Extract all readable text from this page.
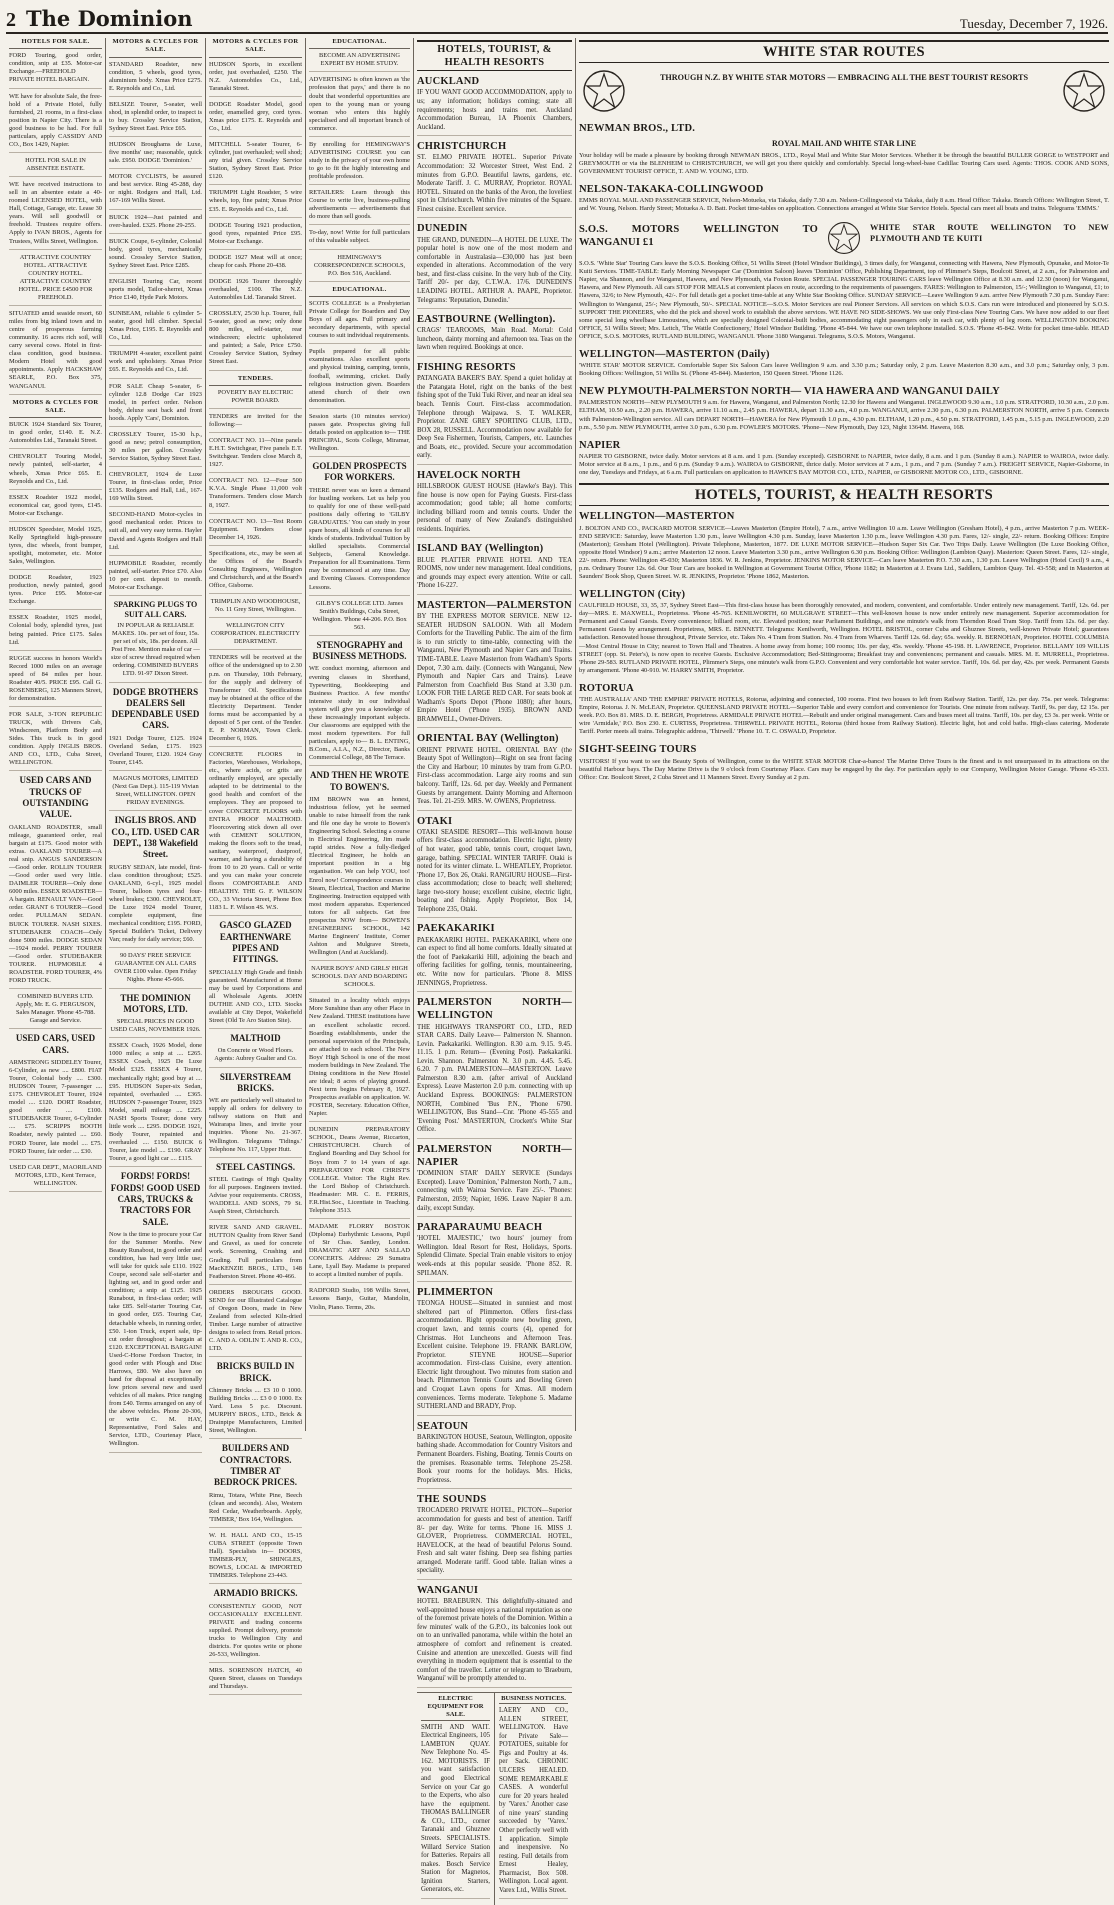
2 The Dominion	Tuesday, December 7, 1926.
HOTELS FOR SALE.
FORD Touring, good order, condition, snip at £35. Motor-car Exchange.—FREEHOLD PRIVATE HOTEL BARGAIN.
WE have for absolute Sale, the free-hold of a Private Hotel, fully furnished, 21 rooms, in a first-class position in Napier City. There is a good business to be had. For full particulars, apply CASSIDY AND CO., Box 1429, Napier.
HOTEL FOR SALE IN ABSENTEE ESTATE.
WE have received instructions to sell in an absentee estate a 40-roomed LICENSED HOTEL, with Hall, Cottage, Garage, etc. Lease 30 years. Will sell goodwill or freehold. Trustees require offers. Apply to IVAN BROS., Agents for Trustees, Willis Street, Wellington.
ATTRACTIVE COUNTRY HOTEL. ATTRACTIVE COUNTRY HOTEL. ATTRACTIVE COUNTRY HOTEL. PRICE £4500 FOR FREEHOLD.
SITUATED amid seaside resort, 60 miles from big inland town and in centre of prosperous farming community. 16 acres rich soil, will carry several cows. Hotel in first-class condition, good business. Modern Hotel with good appointments. Apply HACKSHAW SEARLE, P.O. Box 375, WANGANUI.
MOTORS & CYCLES FOR SALE.
BUICK 1924 Standard Six Tourer, in good order, £140. E. N.Z. Automobiles Ltd., Taranaki Street.
CHEVROLET Touring Model, newly painted, self-starter, 4 wheels, Xmas Price £65. E. Reynolds and Co., Ltd.
ESSEX Roadster 1922 model, economical car, good tyres, £145. Motor-car Exchange.
HUDSON Speedster, Model 1925, Kelly Springfield high-pressure tyres, disc wheels, front bumper, spotlight, motometer, etc. Motor Sales, Wellington.
DODGE Roadster, 1923 production, newly painted, good tyres. Price £95. Motor-car Exchange.
ESSEX Roadster, 1925 model, Colonial body, splendid tyres, just being painted. Price £175. Sales Ltd.
RUGGE success in honors World's Record 1000 miles on an average speed of 84 miles per hour. Roadster 40/5. PRICE £95. Call G. ROSENBERG, 125 Manners Street, for demonstration.
FOR SALE, 3-TON REPUBLIC TRUCK, with Drivers Cab, Windscreen, Platform Body and Sides. This truck is in good condition. Apply INGLIS BROS. AND CO., LTD., Cuba Street, WELLINGTON.
USED CARS AND TRUCKS OF OUTSTANDING VALUE.
OAKLAND ROADSTER, small mileage, guaranteed order, real bargain at £175. Good motor with extras. OAKLAND TOURER—A real snip. ANGUS SANDERSON—Good order. ROLLIN TOURER—Good order used very little. DAIMLER TOURER—Only done 6000 miles. ESSEX ROADSTER—A bargain. RENAULT VAN—Good order. GRANT 6 TOURER—Good order. PULLMAN SEDAN. BUICK TOURER. NASH SIXES. STUDEBAKER COACH—Only done 5000 miles. DODGE SEDAN—1924 model. PERRY TOURER—Good order. STUDEBAKER TOURER. HUPMOBILE 4 ROADSTER. FORD TOURER, 4% FORD TRUCK.
COMBINED BUYERS LTD. Apply, Mr. E. G. FERGUSON, Sales Manager. 'Phone 45-788. Garage and Service.
USED CARS, USED CARS.
ARMSTRONG SIDDELEY Tourer, 6-Cylinder, as new .... £800. FIAT Tourer, Colonial body .... £300. HUDSON Tourer, 7-passenger .... £175. CHEVROLET Tourer, 1924 model .... £120. DORT Roadster, good order .... £100. STUDEBAKER Tourer, 6-Cylinder .... £75. SCRIPPS BOOTH Roadster, newly painted .... £60. FORD Tourer, late model .... £75. FORD Tourer, fair order .... £30.
USED CAR DEPT., MAORILAND MOTORS, LTD., Kent Terrace, WELLINGTON.
MOTORS & CYCLES FOR SALE.
STANDARD Roadster, new condition, 5 wheels, good tyres, aluminium body. Xmas Price £275. E. Reynolds and Co., Ltd.
BELSIZE Tourer, 5-seater, well shod, in splendid order, to inspect is to buy. Crossley Service Station, Sydney Street East. Price £65.
HUDSON Broughams de Luxe, five months' use; reasonable, quick sale. £950. DODGE 'Dominion.'
MOTOR CYCLISTS, be assured and best service. Ring 45-288, day or night. Rodgers and Hall, Ltd. 167-169 Willis Street.
BUICK 1924—Just painted and over-hauled. £325. Phone 29-255.
BUICK Coupe, 6-cylinder, Colonial body, good tyres, mechanically sound. Crossley Service Station, Sydney Street East. Price £285.
ENGLISH Touring Car, recent sports model, Tailor-sherret, Xmas Price £140, Hyde Park Motors.
SUNBEAM, reliable 6 cylinder 5-seater, good hill climber. Special Xmas Price, £195. E. Reynolds and Co., Ltd.
TRIUMPH 4-seater, excellent paint work and upholstery. Xmas Price £65. E. Reynolds and Co., Ltd.
FOR SALE Cheap 5-seater, 6-cylinder 12.8 Dodge Car 1923 model, in perfect order. Nelson body, deluxe seat back and front hoods. Apply 'Cars', Dominion.
CROSSLEY Tourer, 15-30 h.p., good as new; petrol consumption, 30 miles per gallon. Crossley Service Station, Sydney Street East.
CHEVROLET, 1924 de Luxe Tourer, in first-class order, Price £135. Rodgers and Hall, Ltd., 167-169 Willis Street.
SECOND-HAND Motor-cycles in good mechanical order. Prices to suit all, and very easy terms. Hayler David and Agents Rodgers and Hall Ltd.
HUPMOBILE Roadster, recently painted, self-starter. Price £70. Also 10 per cent. deposit to month. Motor-car Exchange.
SPARKING PLUGS TO SUIT ALL CARS.
IN POPULAR & RELIABLE MAKES. 10s. per set of four, 15s. per set of six, 18s. per dozen. All Post Free. Mention make of car — size of screw thread required when ordering. COMBINED BUYERS LTD. 91-97 Dixon Street.
DODGE BROTHERS DEALERS Sell DEPENDABLE USED CARS.
1921 Dodge Tourer, £125. 1924 Overland Sedan, £175. 1923 Overland Tourer, £120. 1924 Gray Tourer, £145.
MAGNUS MOTORS, LIMITED (Next Gas Dept.). 115-119 Vivian Street, WELLINGTON. OPEN FRIDAY EVENINGS.
INGLIS BROS. AND CO., LTD. USED CAR DEPT., 138 Wakefield Street.
RUGBY SEDAN, late model, first-class condition throughout; £525. OAKLAND, 6-cyl., 1925 model Tourer, balloon tyres and four-wheel brakes; £300. CHEVROLET, De Luxe 1924 model Tourer, complete equipment, fine mechanical condition; £195. FORD, Special Builder's Ticket, Delivery Van; ready for daily service; £60.
90 DAYS' FREE SERVICE GUARANTEE ON ALL CARS OVER £100 value. Open Friday Nights. Phone 45-666.
THE DOMINION MOTORS, LTD.
SPECIAL PRICES IN GOOD USED CARS, NOVEMBER 1926.
ESSEX Coach, 1926 Model, done 1000 miles; a snip at .... £265. ESSEX Coach, 1925 De Luxe Model £325. ESSEX 4 Tourer, mechanically right; good buy at .... £95. HUDSON Super-six Sedan, repainted, overhauled .... £365. HUDSON 7-passenger Tourer, 1923 Model, small mileage .... £225. NASH Sports Tourer; done very little work .... £295. DODGE 1921, Body Tourer, repainted and overhauled .... £150. BUICK 6 Tourer, late model .... £190. GRAY Tourer, a good light car .... £115.
FORDS! FORDS! FORDS! GOOD USED CARS, TRUCKS & TRACTORS FOR SALE.
Now is the time to procure your Car for the Summer Months. New Beauty Runabout, in good order and condition, has had very little use; will take for quick sale £110. 1922 Coupe, second sale self-starter and lighting set, and in good order and condition; a snip at £125. 1925 Runabout, in first-class order; will take £85. Self-starter Touring Car, in good order, £65. Touring Car, detachable wheels, in running order, £50. 1-ton Truck, expert sale, tip-cut order throughout; a bargain at £120. EXCEPTIONAL BARGAIN! Used-C-Horse Fordson Tractor, in good order with Plough and Disc Harrows, £80. We also have on hand for disposal at exceptionally low prices several new and used vehicles of all makes. Price ranging from £40. Terms arranged on any of the above vehicles. Phone 20-306, or write C. M. HAY, Representative, Ford Sales and Service, LTD., Courtenay Place, Wellington.
MOTORS & CYCLES FOR SALE.
HUDSON Sports, in excellent order, just overhauled, £250. The N.Z. Automobiles Co., Ltd., Taranaki Street.
DODGE Roadster Model, good order, enamelled grey, cord tyres. Xmas price £175. E. Reynolds and Co., Ltd.
MITCHELL 5-seater Tourer, 6-cylinder, just overhauled; well shod; any trial given. Crossley Service Station, Sydney Street East. Price £120.
TRIUMPH Light Roadster, 5 wire wheels, top, fine paint; Xmas Price £35. E. Reynolds and Co., Ltd.
DODGE Touring 1921 production, good tyres, repainted Price £95. Motor-car Exchange.
DODGE 1927 Meat will at once; cheap for cash. Phone 20-438.
DODGE 1926 Tourer thoroughly overhauled, £100. The N.Z. Automobiles Ltd. Taranaki Street.
CROSSLEY, 25/30 h.p. Tourer, full 5-seater, good as new; only done 800 miles, self-starter, rear windscreen; electric upholstered and painted; a Sale, Price £750. Crossley Service Station, Sydney Street East.
TENDERS.
POVERTY BAY ELECTRIC POWER BOARD.
TENDERS are invited for the following:—
CONTRACT NO. 11—Nine panels E.H.T. Switchgear, Five panels E.T. Switchgear. Tenders close March 8, 1927.
CONTRACT NO. 12—Four 500 K.V.A. Single Phase 11,000 volt Transformers. Tenders close March 8, 1927.
CONTRACT NO. 13—Test Room Equipment. Tenders close December 14, 1926.
Specifications, etc., may be seen at the Offices of the Board's Consulting Engineers, Wellington and Christchurch, and at the Board's Office, Gisborne.
TRIMPLIN AND WOODHOUSE, No. 11 Grey Street, Wellington.
WELLINGTON CITY CORPORATION. ELECTRICITY DEPARTMENT.
TENDERS will be received at the office of the undersigned up to 2.30 p.m. on Thursday, 10th February, for the supply and delivery of Transformer Oil. Specifications may be obtained at the office of the Electricity Department. Tender forms must be accompanied by a deposit of 5 per cent. of the Tender. E. P. NORMAN, Town Clerk. December 6, 1926.
CONCRETE FLOORS in Factories, Warehouses, Workshops, etc., where acids, or grits are ordinarily employed, are specially adapted to be detrimental to the good health and comfort of the employees. They are proposed to cover CONCRETE FLOORS with ENTRA PROOF MALTHOID. Floorcovering stick down all over with CEMENT SOLUTION, making the floors soft to the tread, sanitary, waterproof, dustproof, warmer, and having a durability of from 10 to 20 years. Call or write and you can make your concrete floors COMFORTABLE AND HEALTHY. THE G. F. WILSON CO., 33 Victoria Street, Phone Box 1183 L. F. Wilson 4S. W.S.
GASCO GLAZED EARTHENWARE PIPES AND FITTINGS.
SPECIALLY High Grade and finish guaranteed. Manufactured at Home may be used by Corporations and all Wholesale Agents. JOHN DUTHIE AND CO., LTD. Stocks available at City Depot, Wakefield Street (Old Te Aro Station Site).
MALTHOID
On Concrete or Wood Floors. Agents: Aubrey Gualter and Co.
SILVERSTREAM BRICKS.
WE are particularly well situated to supply all orders for delivery to railway stations on Hutt and Wairarapa lines, and invite your inquiries. 'Phone No. 21-367. Wellington. Telegrams 'Tidings.' Telephone No. 117, Upper Hutt.
STEEL CASTINGS.
STEEL Castings of High Quality for all purposes. Engineers invited. Advise your requirements. CROSS, WADDELL AND SONS, 79 St. Asaph Street, Christchurch.
RIVER SAND AND GRAVEL. HUTTON Quality from River Sand and Gravel, as used for concrete work. Screening, Crushing and Grading. Full particulars from MacKENZIE BROS., LTD., 148 Featherston Street. Phone 40-466.
ORDERS BROUGHS GOOD. SEND for our Illustrated Catalogue of Oregon Doors, made in New Zealand from selected Kiln-dried Timber. Large number of attractive designs to select from. Retail prices. C. AND A. ODLIN T. AND R. CO., LTD.
BRICKS BUILD IN BRICK.
Chimney Bricks .... £3 10 0 1000. Building Bricks .... £3 0 0 1000. Ex Yard. Less 5 p.c. Discount. MURPHY BROS., LTD., Brick & Drainpipe Manufacturers, Limited Street, Wellington.
BUILDERS AND CONTRACTORS. TIMBER AT BEDROCK PRICES.
Rimu, Totara, White Pine, Beech (clean and seconds). Also, Western Red Cedar, Weatherboards. Apply, 'TIMBER,' Box 164, Wellington.
W. H. HALL AND CO., 15-15 CUBA STREET (opposite Town Hall). Specialists in— DOORS, TIMBER-PLY, SHINGLES, BOWLS, LOCAL & IMPORTED TIMBERS. Telephone 23-443.
ARMADIO BRICKS.
CONSISTENTLY GOOD, NOT OCCASIONALLY EXCELLENT. PRIVATE and trading concerns supplied. Prompt delivery, promote trucks to Wellington City and districts. For quotes write or phone 26-533, Wellington.
MRS. SORENSON HATCH, 40 Queen Street, classes on Tuesdays and Thursdays.
EDUCATIONAL.
BECOME AN ADVERTISING EXPERT BY HOME STUDY.
ADVERTISING is often known as 'the profession that pays,' and there is no doubt that wonderful opportunities are open to the young man or young woman who enters this highly specialised and all important branch of commerce.
By enrolling for HEMINGWAY'S ADVERTISING COURSE you can study in the privacy of your own home to go to fit the highly interesting and profitable profession.
RETAILERS: Learn through this Course to write live, business-pulling advertisements — advertisements that do more than sell goods.
To-day, now! Write for full particulars of this valuable subject.
HEMINGWAY'S CORRESPONDENCE SCHOOLS, P.O. Box 516, Auckland.
EDUCATIONAL.
SCOTS COLLEGE is a Presbyterian Private College for Boarders and Day Boys of all ages. Full primary and secondary departments, with special courses to suit individual requirements.
Pupils prepared for all public examinations. Also excellent sports and physical training, camping, tennis, football, swimming, cricket. Daily religious instruction given. Boarders attend church of their own denomination.
Session starts (10 minutes service) passes gate. Prospectus giving full details posted on application to— THE PRINCIPAL, Scots College, Miramar, Wellington.
GOLDEN PROSPECTS FOR WORKERS.
THERE never was so keen a demand for hustling workers. Let us help you to qualify for one of these well-paid positions daily offering to 'GILBY GRADUATES.' You can study in your spare hours, all kinds of courses for all kinds of students. Individual Tuition by skilled specialists. Commercial Subjects, General Knowledge. Preparation for all Examinations. Term may be commenced at any time. Day and Evening Classes. Correspondence Lessons.
GILBY'S COLLEGE LTD. James Smith's Buildings, Cuba Street, Wellington. 'Phone 44-206. P.O. Box 563.
STENOGRAPHY and BUSINESS METHODS.
WE conduct morning, afternoon and evening classes in Shorthand, Typewriting, Bookkeeping and Business Practice. A few months' intensive study in our individual system will give you a knowledge of these increasingly important subjects. Our classrooms are equipped with the most modern typewriters. For full particulars, apply to— B. L. ENTING, B.Com., A.I.A., N.Z., Director, Banks Commercial College, 88 The Terrace.
AND THEN HE WROTE TO BOWEN'S.
JIM BROWN was an honest, industrious fellow, yet he seemed unable to raise himself from the rank and file one day he wrote to Bowen's Engineering School. Selecting a course in Electrical Engineering, Jim made rapid strides. Now a fully-fledged Electrical Engineer, he holds an important position in a big organisation. We can help YOU, too! Enrol now! Correspondence courses in Steam, Electrical, Traction and Marine Engineering. Instruction equipped with most modern apparatus. Experienced tutors for all subjects. Get free prospectus NOW from— BOWEN'S ENGINEERING SCHOOL, 142 Marine Engineers' Institute, Corner Ashton and Mulgrave Streets, Wellington (And at Auckland).
NAPIER BOYS' AND GIRLS' HIGH SCHOOLS. DAY AND BOARDING SCHOOLS.
Situated in a locality which enjoys More Sunshine than any other Place in New Zealand. THESE institutions have an excellent scholastic record. Boarding establishments, under the personal supervision of the Principals, are attached to each school. The New Boys' High School is one of the most modern buildings in New Zealand. The Dining conditions in the New Hostel are ideal; 8 acres of playing ground. Next term begins February 8, 1927. Prospectus available on application. W. FOSTER, Secretary. Education Office, Napier.
DUNEDIN PREPARATORY SCHOOL, Deans Avenue, Riccarton, CHRISTCHURCH. Church of England Boarding and Day School for Boys from 7 to 14 years of age. PREPARATORY FOR CHRIST'S COLLEGE. Visitor: The Right Rev. the Lord Bishop of Christchurch. Headmaster: MR. C. E. FERRIS, F.R.Hist.Soc., Licentiate in Teaching. Telephone 3513.
MADAME FLORRY BOSTOK (Diploma) Eurhythmic Lessons, Pupil of Sir Chas. Santley, London. DRAMATIC ART AND SALLAD CONCERTS. Address: 29 Sumatra Lane, Lyall Bay. Madame is prepared to accept a limited number of pupils.
RADFORD Studio, 198 Willis Street, Lessons Banjo, Guitar, Mandolin, Violin, Piano. Terms, 20s.
HOTELS, TOURIST, & HEALTH RESORTS
AUCKLAND
IF YOU WANT GOOD ACCOMMODATION, apply to us; any information; holidays coming; state all requirements; hosts and trains met. Auckland Accommodation Bureau, 1A Phoenix Chambers, Auckland.
CHRISTCHURCH
ST. ELMO PRIVATE HOTEL. Superior Private Accommodation: 32 Worcester Street, West End. 2 minutes from G.P.O. Beautiful lawns, gardens, etc. Moderate Tariff. J. C. MURRAY, Proprietor. ROYAL HOTEL. Situated on the banks of the Avon, the loveliest spot in Christchurch. Within five minutes of the Square. Finest cuisine. Excellent service.
DUNEDIN
THE GRAND, DUNEDIN—A HOTEL DE LUXE. The popular hotel is now one of the most modern and comfortable in Australasia—£30,000 has just been expended in alterations. Accommodation of the very best, and first-class cuisine. In the very hub of the City. Tariff 20/- per day, C.T.W.A. 17/6. DUNEDIN'S LEADING HOTEL. ARTHUR A. PAAPE, Proprietor. Telegrams: 'Reputation, Dunedin.'
EASTBOURNE (Wellington).
CRAGS' TEAROOMS, Main Road. Mortal: Cold luncheon, dainty morning and afternoon tea. Teas on the lawn when required. Bookings at once.
FISHING RESORTS
PATANGATA BAKER'S BAY. Spend a quiet holiday at the Patangata Hotel, right on the banks of the best fishing spot of the Tuki Tuki River, and near an ideal sea beach. Tennis Court. First-class accommodation. Telephone through Waipawa. S. T. WALKER, Proprietor. ZANE GREY SPORTING CLUB, LTD., BOX 28, RUSSELL. Accommodation now available for Deep Sea Fishermen, Tourists, Campers, etc. Launches and Boats, etc., provided. Secure your accommodation early.
HAVELOCK NORTH
HILLSBROOK GUEST HOUSE (Hawke's Bay). This fine house is now open for Paying Guests. First-class accommodation; good table; all home comforts; including billiard room and tennis courts. Under the personal of many of New Zealand's distinguished residents. Inquiries.
ISLAND BAY (Wellington)
BLUE PLATTER PRIVATE HOTEL AND TEA ROOMS, now under new management. Ideal conditions, and grounds may expect every attention. Write or call. 'Phone 16-227.
MASTERTON—PALMERSTON
BY THE EXPRESS MOTOR SERVICE. NEW 12-SEATER HUDSON SALOON. With all Modern Comforts for the Travelling Public. The aim of the firm is to run strictly to time-table, connecting with the Wanganui, New Plymouth and Napier Cars and Trains. TIME-TABLE. Leave Masterton from Wadham's Sports Depot, 7.30 a.m. daily. (Connects with Wanganui, New Plymouth and Napier Cars and Trains). Leave Palmerston from Coachfield Bus Stand at 3.30 p.m. LOOK FOR THE LARGE RED CAR. For seats book at Wadham's Sports Depot ('Phone 1080); after hours, Empire Hotel ('Phone 1935). BROWN AND BRAMWELL, Owner-Drivers.
ORIENTAL BAY (Wellington)
ORIENT PRIVATE HOTEL. ORIENTAL BAY (the Beauty Spot of Wellington)—Right on sea front facing the City and Harbour; 10 minutes by tram from G.P.O. First-class accommodation. Large airy rooms and sun balcony. Tariff, 12s. 6d. per day. Weekly and Permanent Guests by arrangement. Dainty Morning and Afternoon Teas. Tel. 21-259. MRS. W. OWENS, Proprietress.
OTAKI
OTAKI SEASIDE RESORT—This well-known house offers first-class accommodation. Electric light, plenty of hot water, good table, tennis court, croquet lawn, garage, bathing. SPECIAL WINTER TARIFF. Otaki is noted for its winter climate. L. WHEATLEY, Proprietor. 'Phone 17, Box 26, Otaki. RANGIURU HOUSE—First-class accommodation; close to beach; well sheltered; large two-story house; excellent cuisine, electric light, boating and fishing. Apply Proprietor, Box 14, Telephone 235, Otaki.
PAEKAKARIKI
PAEKAKARIKI HOTEL. PAEKAKARIKI, where one can expect to find all home comforts. Ideally situated at the foot of Paekakariki Hill, adjoining the beach and offering facilities for golfing, tennis, mountaineering, etc. Write now for particulars. 'Phone 8. MISS JENNINGS, Proprietress.
PALMERSTON NORTH—WELLINGTON
THE HIGHWAYS TRANSPORT CO., LTD., RED STAR CARS. Daily Leave— Palmerston N. Shannon. Levin. Paekakariki. Wellington. 8.30 a.m. 9.15. 9.45. 11.15. 1 p.m. Return— (Evening Post). Paekakariki. Levin. Shannon. Palmerston N. 3.0 p.m. 4.45. 5.45. 6.20. 7 p.m. PALMERSTON—MASTERTON. Leave Palmerston 8.30 a.m. (after arrival of Auckland Express). Leave Masterton 2.0 p.m. connecting with up Auckland Express. BOOKINGS: PALMERSTON NORTH, Combined 'Bus P.N., 'Phone 6790. WELLINGTON, Bus Stand—Cnr. 'Phone 45-555 and 'Evening Post.' MASTERTON, Crockett's White Star Office.
PALMERSTON NORTH—NAPIER
'DOMINION STAR' DAILY SERVICE (Sundays Excepted). Leave 'Dominion,' Palmerston North, 7 a.m., connecting with Wairoa Service. Fare 25/-. 'Phones: Palmerston, 2059; Napier, 1696. Leave Napier 8 a.m. daily, except Sunday.
PARAPARAUMU BEACH
'HOTEL MAJESTIC,' two hours' journey from Wellington. Ideal Resort for Rest, Holidays, Sports. Splendid Climate. Special Train enable visitors to enjoy week-ends at this popular seaside. 'Phone 852. R. SPILMAN.
PLIMMERTON
TEONGA HOUSE—Situated in sunniest and most sheltered part of Plimmerton. Offers first-class accommodation. Right opposite new bowling green, croquet lawn, and tennis courts (4), opened for Christmas. Hot Luncheons and Afternoon Teas. Excellent cuisine. Telephone 19. FRANK BARLOW, Proprietor. STEYNE HOUSE—Superior accommodation. First-class Cuisine, every attention. Electric light throughout. Two minutes from station and beach. Plimmerton Tennis Courts and Bowling Green and Croquet Lawn opens for Xmas. All modern conveniences. Terms moderate. Telephone 5. Madame SUTHERLAND and BRADY, Prop.
SEATOUN
BARKINGTON HOUSE, Seatoun, Wellington, opposite bathing shade. Accommodation for Country Visitors and Permanent Boarders. Fishing, Boating. Tennis Courts on the premises. Reasonable terms. Telephone 25-258. Book your rooms for the holidays. Mrs. Hicks, Proprietress.
THE SOUNDS
TROCADERO PRIVATE HOTEL, PICTON—Superior accommodation for guests and best of attention. Tariff 8/- per day. Write for terms. 'Phone 16. MISS J. GLOVER, Proprietress. COMMERCIAL HOTEL, HAVELOCK, at the head of beautiful Pelorus Sound. Fresh and salt water fishing. Deep sea fishing parties arranged. Moderate tariff. Good table. Italian wines a speciality.
WANGANUI
HOTEL BRAEBURN. This delightfully-situated and well-appointed house enjoys a national reputation as one of the foremost private hotels of the Dominion. Within a few minutes' walk of the G.P.O., its balconies look out on to an unrivalled panorama, while within the hotel an atmosphere of comfort and refinement is created. Cuisine and attention are unexcelled. Guests will find everything in modern equipment that is essential to the comfort of the traveller. Letter or telegram to 'Braeburn, Wanganui' will be promptly attended to.
ELECTRIC EQUIPMENT FOR SALE.
SMITH AND WAIT. Electrical Engineers, 105 LAMBTON QUAY. New Telephone No. 45-162. MOTORISTS. IF you want satisfaction and good Electrical Service on your Car go to the Experts, who also have the equipment. THOMAS BALLINGER & CO., LTD., corner Taranaki and Ghuznee Streets. SPECIALISTS. Willard Service Station for Batteries. Repairs all makes. Bosch Service Station for Magnetos, Ignition Starters, Generators, etc.
BUSINESS NOTICES.
LAERY AND CO., ALLEN STREET, WELLINGTON. Have for Private Sale— POTATOES, suitable for Pigs and Poultry at 4s. per Sack. CHRONIC ULCERS HEALED. SOME REMARKABLE CASES. A wonderful cure for 20 years healed by 'Varex.' Another case of nine years' standing succeeded by 'Varex.' Other perfectly well with 1 application. Simple and inexpensive. No resting. Full details from Ernest Healey, Pharmacist, Box 508. Wellington. Local agent. Varex Ltd., Willis Street.
WHITE STAR ROUTES
THROUGH N.Z. BY WHITE STAR MOTORS — EMBRACING ALL THE BEST TOURIST RESORTS
NEWMAN BROS., LTD.
ROYAL MAIL AND WHITE STAR LINE
Your holiday will be made a pleasure by booking through NEWMAN BROS., LTD., Royal Mail and White Star Motor Services. Whether it be through the beautiful BULLER GORGE to WESTPORT and GREYMOUTH or via the BLENHEIM to CHRISTCHURCH, we will get you there quickly and comfortably. Special long-wheel-base Cadillac Touring Cars used. Agents: THOS. COOK AND SONS, GOVERNMENT TOURIST OFFICE, T. AND W. YOUNG, LTD.
NELSON-TAKAKA-COLLINGWOOD
EMMS ROYAL MAIL AND PASSENGER SERVICE, Nelson-Motueka, via Takaka, daily 7.30 a.m. Nelson-Collingwood via Takaka, daily 8 a.m. Head Office: Takaka. Branch Offices: Wellington Street, T. and W. Young, Nelson. Hardy Street; Motueka A. D. Batt. Pocket time-tables on application. Connections arranged at White Star Service Hotels. Special cars meet all boats and trains. Telegrams 'EMMS.'
S.O.S. MOTORS WELLINGTON TO WANGANUI £1
WHITE STAR ROUTE WELLINGTON TO NEW PLYMOUTH AND TE KUITI
S.O.S. 'White Star' Touring Cars leave the S.O.S. Booking Office, 51 Willis Street (Hotel Windsor Buildings), 3 times daily, for Wanganui, connecting with Hawera, New Plymouth, Opunake, and Motor-Te Kuiti Services. TIME-TABLE: Early Morning Newspaper Car ('Dominion Saloon) leaves 'Dominion' Office, Publishing Department, top of Plimmer's Steps, Boulcott Street, at 2 a.m., for Palmerston and Napier, via Shannon, and for Wanganui, Hawera, and New Plymouth, via Foxton Route. SPECIAL PASSENGER TOURING CARS leave Wellington Office at 8.30 a.m. and 12.30 (noon) for Wanganui, Hawera, and New Plymouth. All cars STOP FOR MEALS at convenient places en route, according to the requirements of passengers. FARES: Wellington to Palmerston, 15/-; Wellington to Wanganui, £1; to Hawera, 32/6; to New Plymouth, 42/-. For full details get a pocket time-table at any White Star Booking Office. SUNDAY SERVICE—Leave Wellington 9 a.m. arrive New Plymouth 7.30 p.m. Sunday Fare: Wellington to Wanganui, 25/-; New Plymouth, 50/-. SPECIAL NOTICE—S.O.S. Motor Services are real Pioneer Services. All services on which S.O.S. Cars run were introduced and pioneered by S.O.S. SUPPORT THE PIONEERS, who did the pick and shovel work to establish the above services. WE HAVE NO SIDE-SHOWS. We use only First-class New Touring Cars. We have now added to our fleet some special long wheelbase Limousines, which are specially designed Colonial-built bodies, accommodating eight passengers only in each car, with plenty of leg room. WELLINGTON BOOKING OFFICE, 51 Willis Street; Mrs. Leitch, 'The Wattle Confectionery,' Hotel Windsor Building. 'Phone 45-844. We have our own telephone installed. S.O.S. 'Phone 45-842. Write for pocket time-table. HEAD OFFICE, S.O.S. MOTORS, RUTLAND BUILDING, WANGANUI. 'Phone 3180 Wanganui. Telegrams, S.O.S. Motors, Wanganui.
WELLINGTON—MASTERTON (Daily)
'WHITE STAR' MOTOR SERVICE. Comfortable Super Six Saloon Cars leave Wellington 9 a.m. and 3.30 p.m.; Saturday only, 2 p.m. Leave Masterton 8.30 a.m., and 3.0 p.m.; Saturday only, 3 p.m. Booking Offices: Wellington, 51 Willis St. ('Phone 45-844). Masterton, 150 Queen Street. 'Phone 1126.
NEW PLYMOUTH-PALMERSTON NORTH— VIA HAWERA AND WANGANUI DAILY
PALMERSTON NORTH—NEW PLYMOUTH 9 a.m. for Hawera, Wanganui, and Palmerston North; 12.30 for Hawera and Wanganui. INGLEWOOD 9.30 a.m., 1.0 p.m. STRATFORD, 10.30 a.m., 2.0 p.m. ELTHAM, 10.50 a.m., 2.20 p.m. HAWERA, arrive 11.10 a.m., 2.45 p.m. HAWERA, depart 11.30 a.m., 4.0 p.m. WANGANUI, arrive 2.30 p.m., 6.30 p.m. PALMERSTON NORTH, arrive 5 p.m. Connects with Palmerston-Wellington service. All cars DEPART NORTH—HAWERA for New Plymouth 1.0 p.m., 4.30 p.m. ELTHAM, 1.20 p.m., 4.50 p.m. STRATFORD, 1.45 p.m., 5.15 p.m. INGLEWOOD, 2.20 p.m., 5.50 p.m. NEW PLYMOUTH, arrive 3.0 p.m., 6.30 p.m. FOWLER'S MOTORS. 'Phone—New Plymouth, Day 123, Night 1364M. Hawera, 168.
NAPIER
NAPIER TO GISBORNE, twice daily. Motor services at 8 a.m. and 1 p.m. (Sunday excepted). GISBORNE to NAPIER, twice daily, 8 a.m. and 1 p.m. (Sunday 8 a.m.). NAPIER to WAIROA, twice daily. Motor service at 8 a.m., 1 p.m., and 6 p.m. (Sunday 9 a.m.). WAIROA to GISBORNE, thrice daily. Motor services at 7 a.m., 1 p.m., and 7 p.m. (Sunday 7 a.m.). FREIGHT SERVICE, Napier-Gisborne, in one day, Tuesdays and Fridays, at 6 a.m. Full particulars on application to HAWKE'S BAY MOTOR CO., LTD., NAPIER, or GISBORNE MOTOR CO., LTD., GISBORNE.
HOTELS, TOURIST, & HEALTH RESORTS
WELLINGTON—MASTERTON
J. BOLTON AND CO., PACKARD MOTOR SERVICE—Leaves Masterton (Empire Hotel), 7 a.m., arrive Wellington 10 a.m. Leave Wellington (Gresham Hotel), 4 p.m., arrive Masterton 7 p.m. WEEK-END SERVICE: Saturday, leave Masterton 1.30 p.m., leave Wellington 4.30 p.m. Sunday, leave Masterton 1.30 p.m., leave Wellington 4.30 p.m. Fares, 12/- single, 22/- return. Booking Offices: Empire (Masterton); Gresham Hotel (Wellington). Private Telephone, Masterton, 1877. DE LUXE MOTOR SERVICE—Hudson Super Six Car. Two Trips Daily. Leave Wellington (De Luxe Booking Office, opposite Hotel Windsor) 9 a.m.; arrive Masterton 12 noon. Leave Masterton 3.30 p.m., arrive Wellington 6.30 p.m. Booking Office: Wellington (Lambton Quay). Masterton: Queen Street. Fares, 12/- single, 22/- return. Phone: Wellington 45-030; Masterton 1836. W. R. Jenkins, Proprietor. JENKINS MOTOR SERVICE—Cars leave Masterton P.O. 7.30 a.m., 1.30 p.m. Leave Wellington (Hotel Cecil) 9 a.m., 4 p.m. Ordinary Tourer 12s. 6d. Our Tour Cars are booked in Wellington at Government Tourist Office, 'Phone 1182; in Masterton at J. Evans Ltd., Saddlers, Lambton Quay. Tel. 43-558; and in Masterton at Saunders' Book Shop, Queen Street. W. R. JENKINS, Proprietor. 'Phone 1862, Masterton.
WELLINGTON (City)
CAULFIELD HOUSE, 33, 35, 37, Sydney Street East—This first-class house has been thoroughly renovated, and modern, convenient, and comfortable. Under entirely new management. Tariff, 12s. 6d. per day—MRS. E. MAXWELL, Proprietress. 'Phone 45-765. KENILWORTH, 60 MULGRAVE STREET—This well-known house is now under entirely new management. Superior accommodation for Permanent and Casual Guests. Every convenience; billiard room, etc. Elevated position; near Parliament Buildings, and one minute's walk from Thorndon Road Tram Stop. Tariff from 12s. 6d. per day. Permanent Guests by arrangement. Proprietress, MRS. E. BENNETT. Telegrams: Kenilworth, Wellington. HOTEL BRISTOL, corner Cuba and Ghuznee Streets, well-known Private Hotel; guarantees satisfaction. Renovated house throughout, Private Service, etc. Takes No. 4 Tram from Station. No. 4 Tram from Wharves. Tariff 12s. 6d. day; 65s. weekly. R. BERNOHAN, Proprietor. HOTEL COLUMBIA—Most Central House in City; nearest to Town Hall and Theatres. A home away from home; 100 rooms; 10s. per day, 45s. weekly. 'Phone 45-198. H. LAWRENCE, Proprietor. BELLAMY 109 WILLIS STREET (opp. St. Peter's), is now open to receive Guests. Exclusive Accommodation; Bed-Sittingrooms; Breakfast tray and conveniences; permanent and casuals. MRS. M. E. MURRELL, Proprietress. 'Phone 29-583. RUTLAND PRIVATE HOTEL, Plimmer's Steps, one minute's walk from G.P.O. Convenient and very comfortable hot water service. Tariff, 10s. 6d. per day, 42s. per week. Permanent Guests by arrangement. 'Phone 40-910. W. HARRY SMITH, Proprietor.
ROTORUA
'THE AUSTRALIA' AND 'THE EMPIRE' PRIVATE HOTELS, Rotorua, adjoining and connected, 100 rooms. First two houses to left from Railway Station. Tariff, 12s. per day. 75s. per week. Telegrams: Empire, Rotorua. J. N. McLEAN, Proprietor. QUEENSLAND PRIVATE HOTEL—Superior Table and every comfort and convenience for Tourists. One minute from railway. Tariff, 9s. per day, £2 15s. per week. P.O. Box 81. MRS. D. E. BERGH, Proprietress. ARMIDALE PRIVATE HOTEL—Rebuilt and under original management. Cars and buses meet all trains. Tariff, 10s. per day, £3 3s. per week. Write or wire 'Armidale,' P.O. Box 230. E. CURTISS, Proprietress. THIRWELL PRIVATE HOTEL, Rotorua (third house from Railway Station). Electric light, hot and cold baths. High-class catering. Moderate Tariff. Porter meets all trains. Telegraphic address, 'Thirwell.' 'Phone 10. T. C. OSWALD, Proprietor.
SIGHT-SEEING TOURS
VISITORS! If you want to see the Beauty Spots of Wellington, come to the WHITE STAR MOTOR Char-a-bancs! The Marine Drive Tours is the finest and is not unsurpassed in its attractions on the beautiful Harbour bays. The Day Marine Drive is the 9 o'clock from Courtenay Place. Cars may be engaged by the day. For particulars apply to our Company, Wellington Motor Garage. 'Phone 45-333. Office: Cnr. Boulcott Street, 2 Cuba Street and 11 Manners Street. Every Sunday at 2 p.m.
